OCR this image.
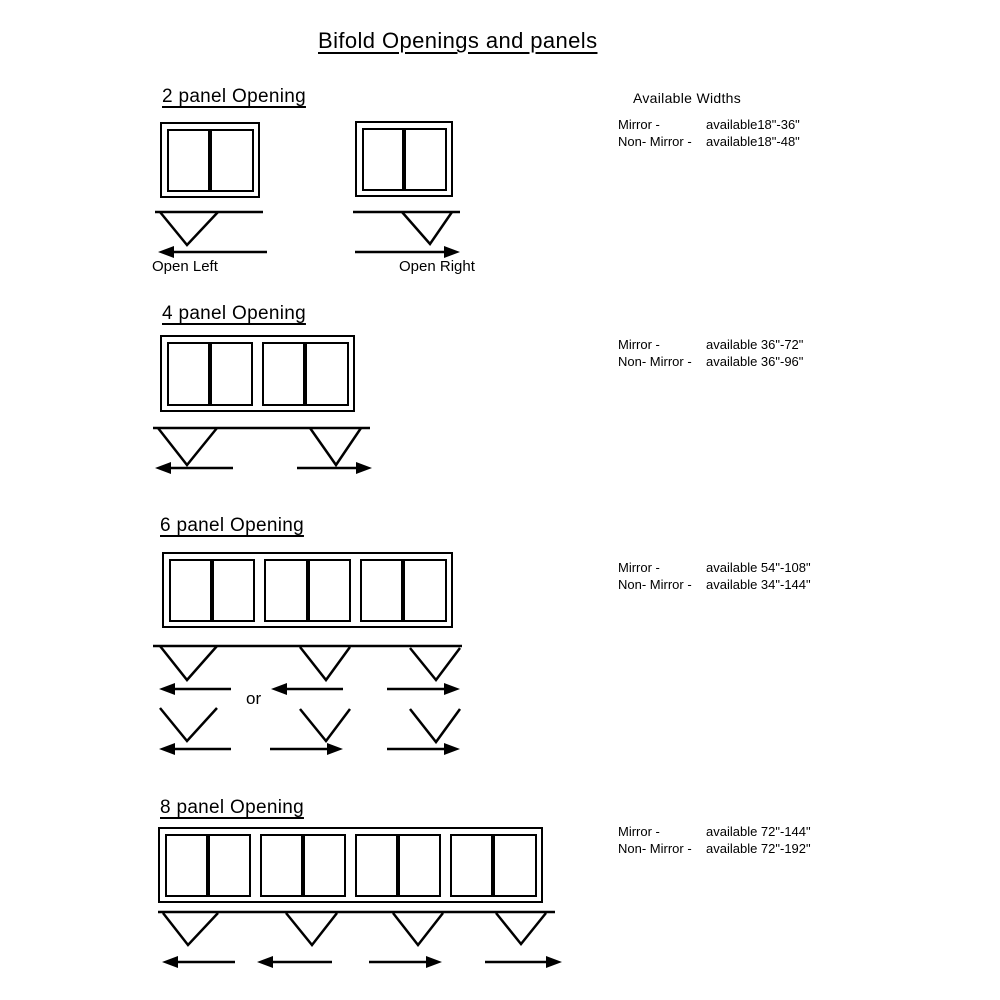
Bifold Openings and panels
Available Widths
Mirror -	available18"-36"
Non- Mirror -	available18"-48"
Mirror -	available 36"-72"
Non- Mirror -	available 36"-96"
Mirror -	available 54"-108"
Non- Mirror -	available 34"-144"
Mirror -	available 72"-144"
Non- Mirror -	available 72"-192"
2 panel Opening
Open Left	Open Right
4 panel Opening
6 panel Opening
or
8 panel Opening
